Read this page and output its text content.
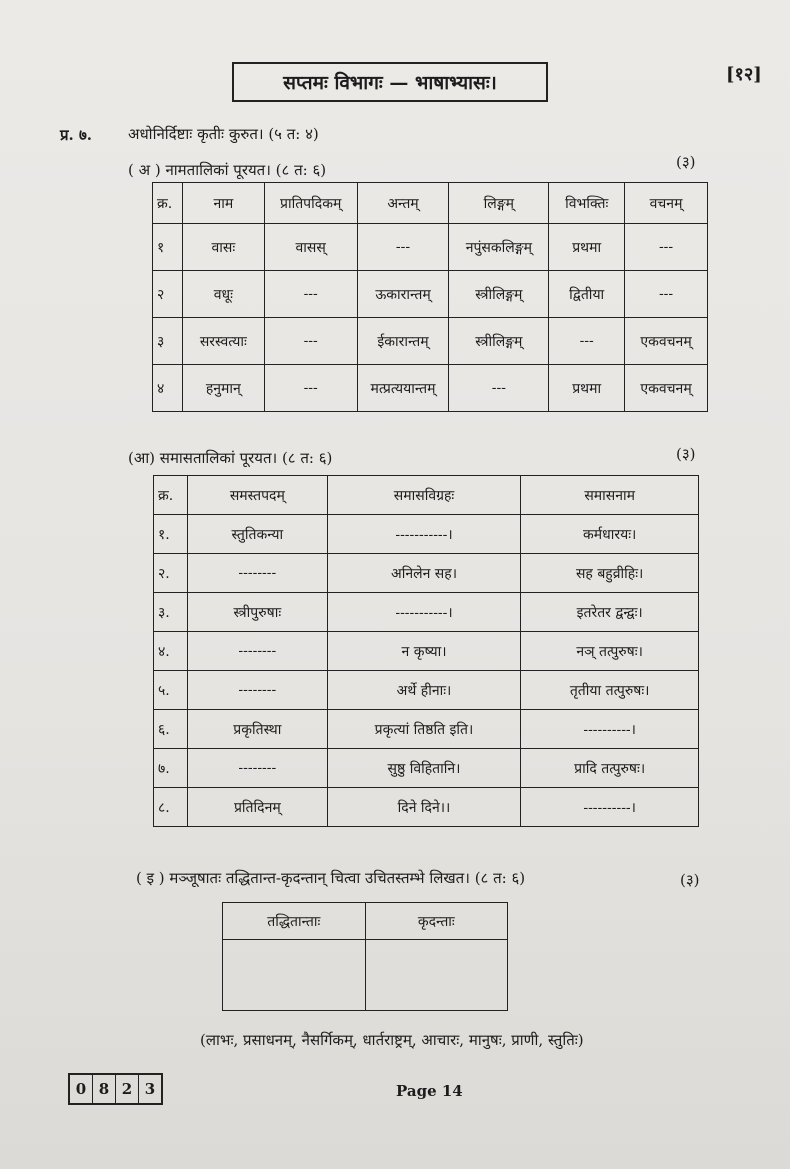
सप्तमः विभागः — भाषाभ्यासः।	[१२]
प्र. ७. अधोनिर्दिष्टाः कृतीः कुरुत। (५ त: ४)
( अ ) नामतालिकां पूरयत। (८ त: ६)	(३)
क्र.	नाम	प्रातिपदिकम्	अन्तम्	लिङ्गम्	विभक्तिः	वचनम्
१	वासः	वासस्	---	नपुंसकलिङ्गम्	प्रथमा	---
२	वधूः	---	ऊकारान्तम्	स्त्रीलिङ्गम्	द्वितीया	---
३	सरस्वत्याः	---	ईकारान्तम्	स्त्रीलिङ्गम्	---	एकवचनम्
४	हनुमान्	---	मत्प्रत्ययान्तम्	---	प्रथमा	एकवचनम्
(आ) समासतालिकां पूरयत। (८ त: ६)	(३)
क्र.	समस्तपदम्	समासविग्रहः	समासनाम
१.	स्तुतिकन्या	-----------।	कर्मधारयः।
२.	--------	अनिलेन सह।	सह बहुव्रीहिः।
३.	स्त्रीपुरुषाः	-----------।	इतरेतर द्वन्द्वः।
४.	--------	न कृष्या।	नञ् तत्पुरुषः।
५.	--------	अर्थे हीनाः।	तृतीया तत्पुरुषः।
६.	प्रकृतिस्था	प्रकृत्यां तिष्ठति इति।	----------।
७.	--------	सुष्ठु विहितानि।	प्रादि तत्पुरुषः।
८.	प्रतिदिनम्	दिने दिने।।	----------।
( इ ) मञ्जूषातः तद्धितान्त-कृदन्तान् चित्वा उचितस्तम्भे लिखत। (८ त: ६)	(३)
तद्धितान्ताः	कृदन्ताः

(लाभः, प्रसाधनम्, नैसर्गिकम्, धार्तराष्ट्रम्, आचारः, मानुषः, प्राणी, स्तुतिः)
0 8 2 3	Page 14
